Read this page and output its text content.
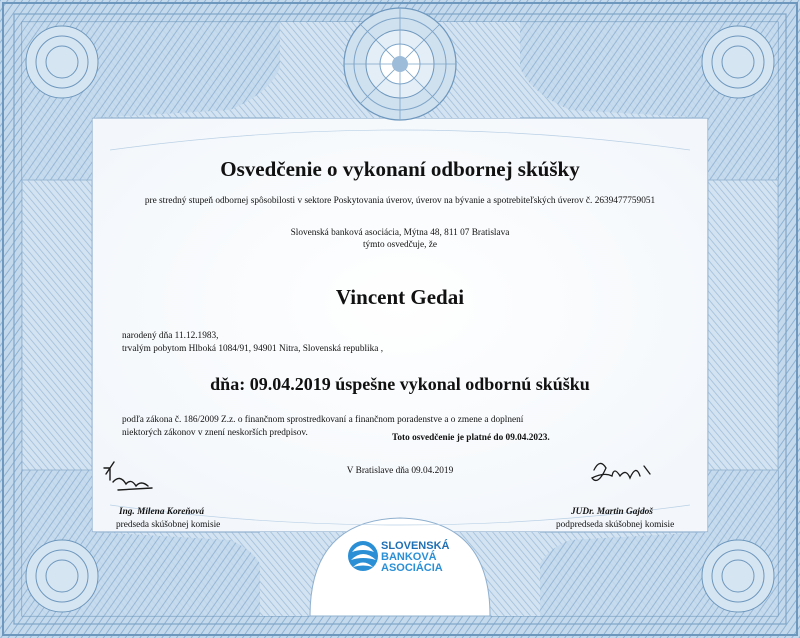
Osvedčenie o vykonaní odbornej skúšky
pre stredný stupeň odbornej spôsobilosti v sektore Poskytovania úverov, úverov na bývanie a spotrebiteľských úverov č. 2639477759051
Slovenská banková asociácia, Mýtna 48, 811 07 Bratislava
týmto osvedčuje, že
Vincent Gedai
narodený dňa 11.12.1983,
trvalým pobytom Hlboká 1084/91, 94901 Nitra, Slovenská republika ,
dňa: 09.04.2019 úspešne vykonal odbornú skúšku
podľa zákona č. 186/2009 Z.z. o finančnom sprostredkovaní a finančnom poradenstve a o zmene a doplnení
niektorých zákonov v znení neskorších predpisov.
Toto osvedčenie je platné do 09.04.2023.
V Bratislave dňa 09.04.2019
Ing. Milena Koreňová
predseda skúšobnej komisie
JUDr. Martin Gajdoš
podpredseda skúšobnej komisie
SLOVENSKÁ
BANKOVÁ
ASOCIÁCIA
